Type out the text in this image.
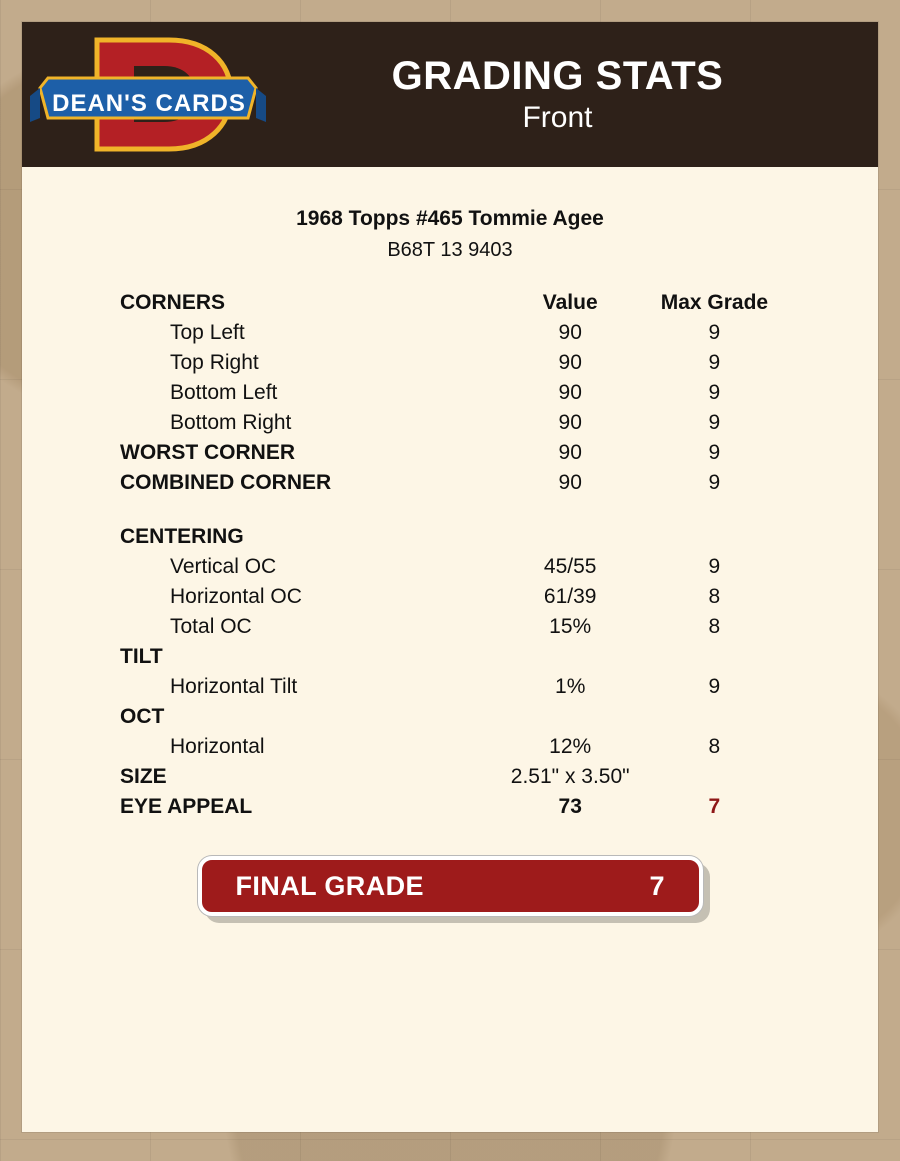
DEAN'S CARDS
GRADING STATS
Front
1968 Topps #465 Tommie Agee
B68T 13 9403
CORNERS	Value	Max Grade
Top Left	90	9
Top Right	90	9
Bottom Left	90	9
Bottom Right	90	9
WORST CORNER	90	9
COMBINED CORNER	90	9

CENTERING		
Vertical OC	45/55	9
Horizontal OC	61/39	8
Total OC	15%	8
TILT		
Horizontal Tilt	1%	9
OCT		
Horizontal	12%	8
SIZE	2.51" x 3.50"	
EYE APPEAL	73	7
FINAL GRADE	7
